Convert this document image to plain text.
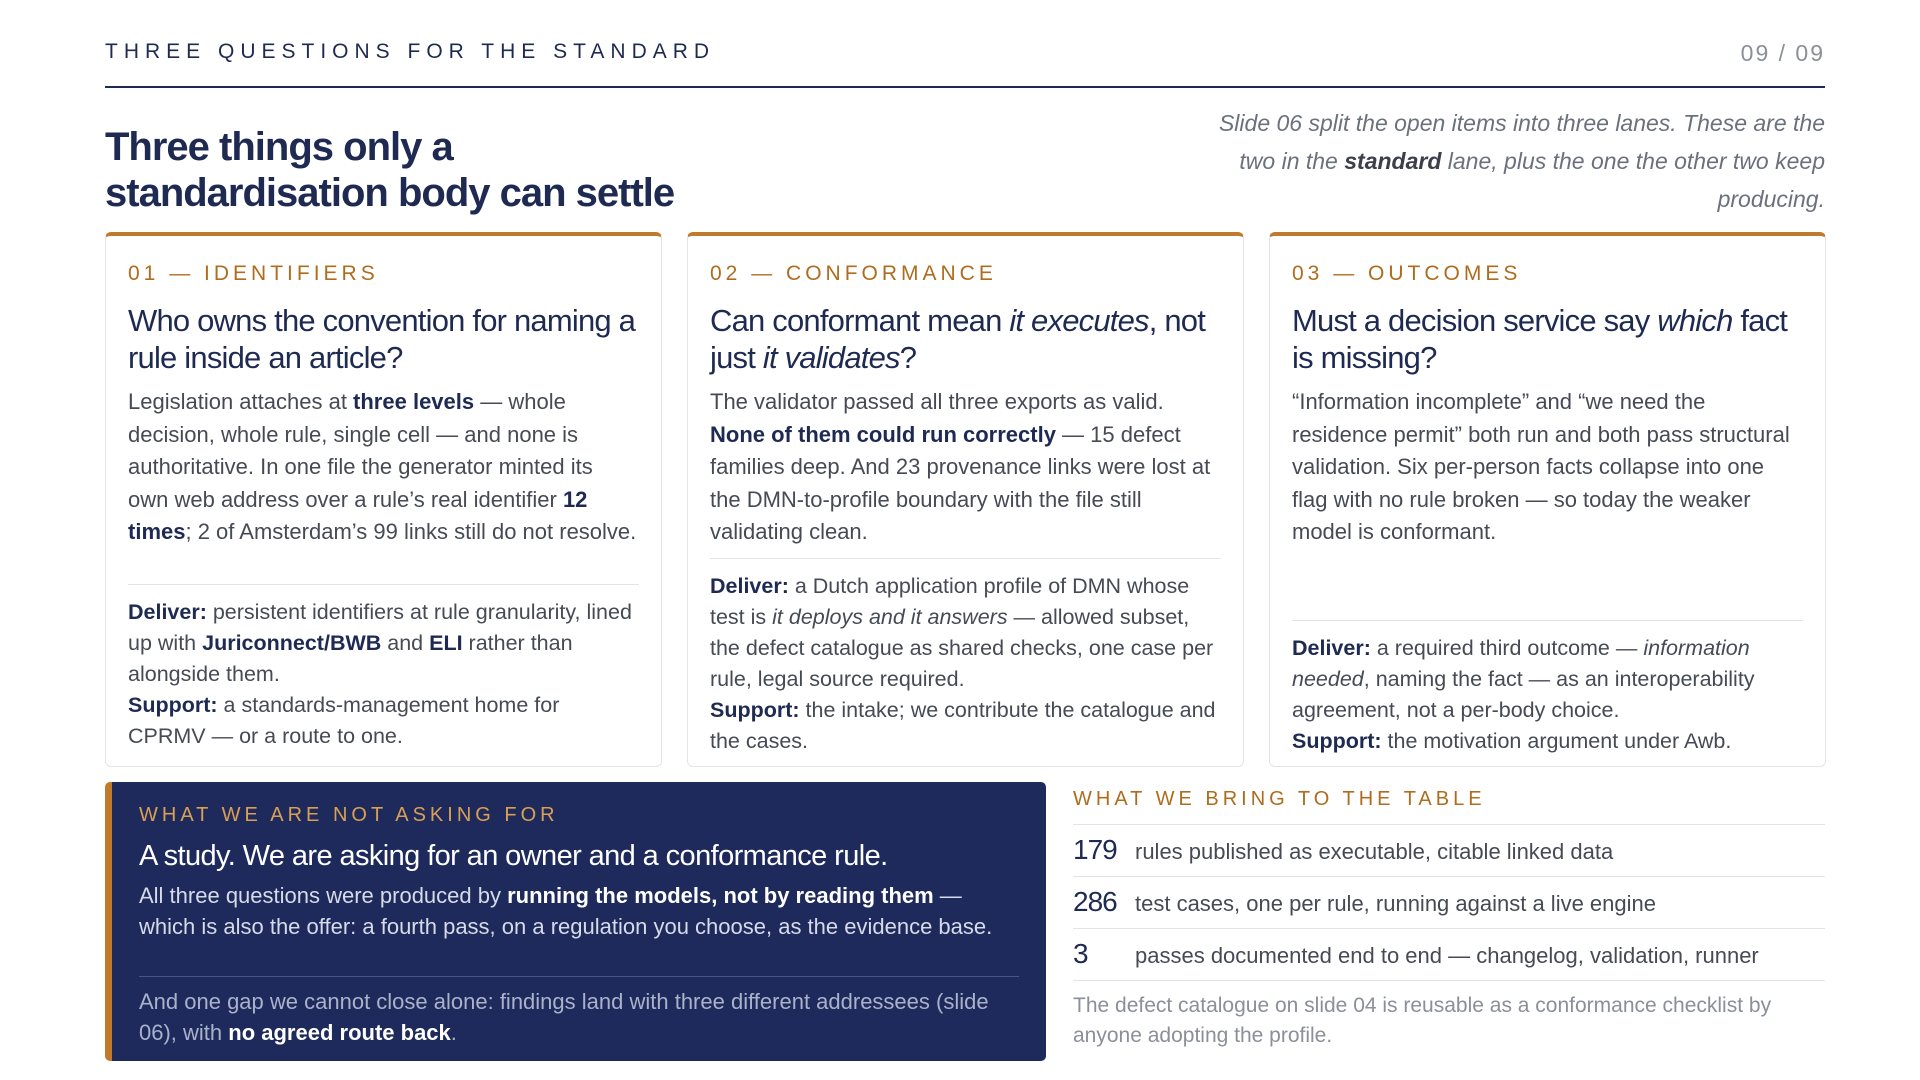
THREE QUESTIONS FOR THE STANDARD	09 / 09
Three things only a
standardisation body can settle

Slide 06 split the open items into three lanes. These are the two in the standard lane, plus the one the other two keep producing.

01 — IDENTIFIERS
Who owns the convention for naming a rule inside an article?
Legislation attaches at three levels — whole decision, whole rule, single cell — and none is authoritative. In one file the generator minted its own web address over a rule’s real identifier 12 times; 2 of Amsterdam’s 99 links still do not resolve.
Deliver: persistent identifiers at rule granularity, lined up with Juriconnect/BWB and ELI rather than alongside them.
Support: a standards-management home for CPRMV — or a route to one.
02 — CONFORMANCE
Can conformant mean it executes, not just it validates?
The validator passed all three exports as valid. None of them could run correctly — 15 defect families deep. And 23 provenance links were lost at the DMN-to-profile boundary with the file still validating clean.
Deliver: a Dutch application profile of DMN whose test is it deploys and it answers — allowed subset, the defect catalogue as shared checks, one case per rule, legal source required.
Support: the intake; we contribute the catalogue and the cases.
03 — OUTCOMES
Must a decision service say which fact is missing?
“Information incomplete” and “we need the residence permit” both run and both pass structural validation. Six per-person facts collapse into one flag with no rule broken — so today the weaker model is conformant.
Deliver: a required third outcome — information needed, naming the fact — as an interoperability agreement, not a per-body choice.
Support: the motivation argument under Awb.
WHAT WE ARE NOT ASKING FOR
A study. We are asking for an owner and a conformance rule.
All three questions were produced by running the models, not by reading them — which is also the offer: a fourth pass, on a regulation you choose, as the evidence base.
And one gap we cannot close alone: findings land with three different addressees (slide 06), with no agreed route back.
WHAT WE BRING TO THE TABLE
179 rules published as executable, citable linked data
286 test cases, one per rule, running against a live engine
3 passes documented end to end — changelog, validation, runner
The defect catalogue on slide 04 is reusable as a conformance checklist by anyone adopting the profile.
